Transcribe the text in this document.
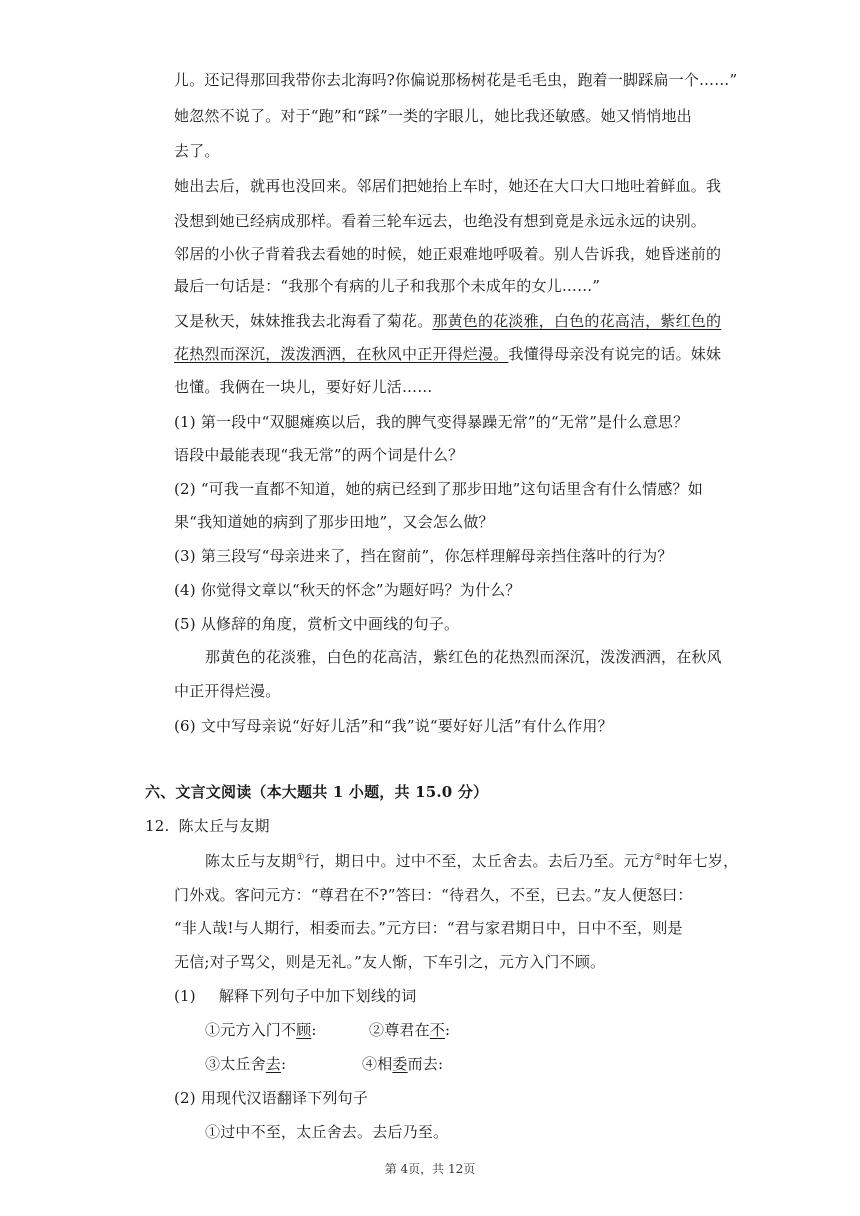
儿。还记得那回我带你去北海吗?你偏说那杨树花是毛毛虫，跑着一脚踩扁一个……”
她忽然不说了。对于“跑”和“踩”一类的字眼儿，她比我还敏感。她又悄悄地出
去了。
她出去后，就再也没回来。邻居们把她抬上车时，她还在大口大口地吐着鲜血。我
没想到她已经病成那样。看着三轮车远去，也绝没有想到竟是永远永远的诀别。
邻居的小伙子背着我去看她的时候，她正艰难地呼吸着。别人告诉我，她昏迷前的
最后一句话是：“我那个有病的儿子和我那个未成年的女儿……”
又是秋天，妹妹推我去北海看了菊花。那黄色的花淡雅，白色的花高洁，紫红色的
花热烈而深沉，泼泼洒洒，在秋风中正开得烂漫。我懂得母亲没有说完的话。妹妹
也懂。我俩在一块儿，要好好儿活……
(1) 第一段中“双腿瘫痪以后，我的脾气变得暴躁无常”的“无常”是什么意思？
语段中最能表现“我无常”的两个词是什么？
(2) “可我一直都不知道，她的病已经到了那步田地”这句话里含有什么情感？如
果“我知道她的病到了那步田地”，又会怎么做？
(3) 第三段写“母亲进来了，挡在窗前”，你怎样理解母亲挡住落叶的行为？
(4) 你觉得文章以“秋天的怀念”为题好吗？为什么？
(5) 从修辞的角度，赏析文中画线的句子。
那黄色的花淡雅，白色的花高洁，紫红色的花热烈而深沉，泼泼洒洒，在秋风
中正开得烂漫。
(6) 文中写母亲说“好好儿活”和“我”说“要好好儿活”有什么作用？
六、文言文阅读（本大题共 1 小题，共 15.0 分）
12. 陈太丘与友期
陈太丘与友期①行，期日中。过中不至，太丘舍去。去后乃至。元方②时年七岁，
门外戏。客问元方：“尊君在不?”答曰：“待君久，不至，已去。”友人便怒曰：
“非人哉!与人期行，相委而去。”元方曰：“君与家君期日中，日中不至，则是
无信;对子骂父，则是无礼。”友人惭，下车引之，元方入门不顾。
(1) 解释下列句子中加下划线的词
①元方入门不顾:	②尊君在不:
③太丘舍去:	④相委而去:
(2) 用现代汉语翻译下列句子
①过中不至，太丘舍去。去后乃至。
第 4页，共 12页
